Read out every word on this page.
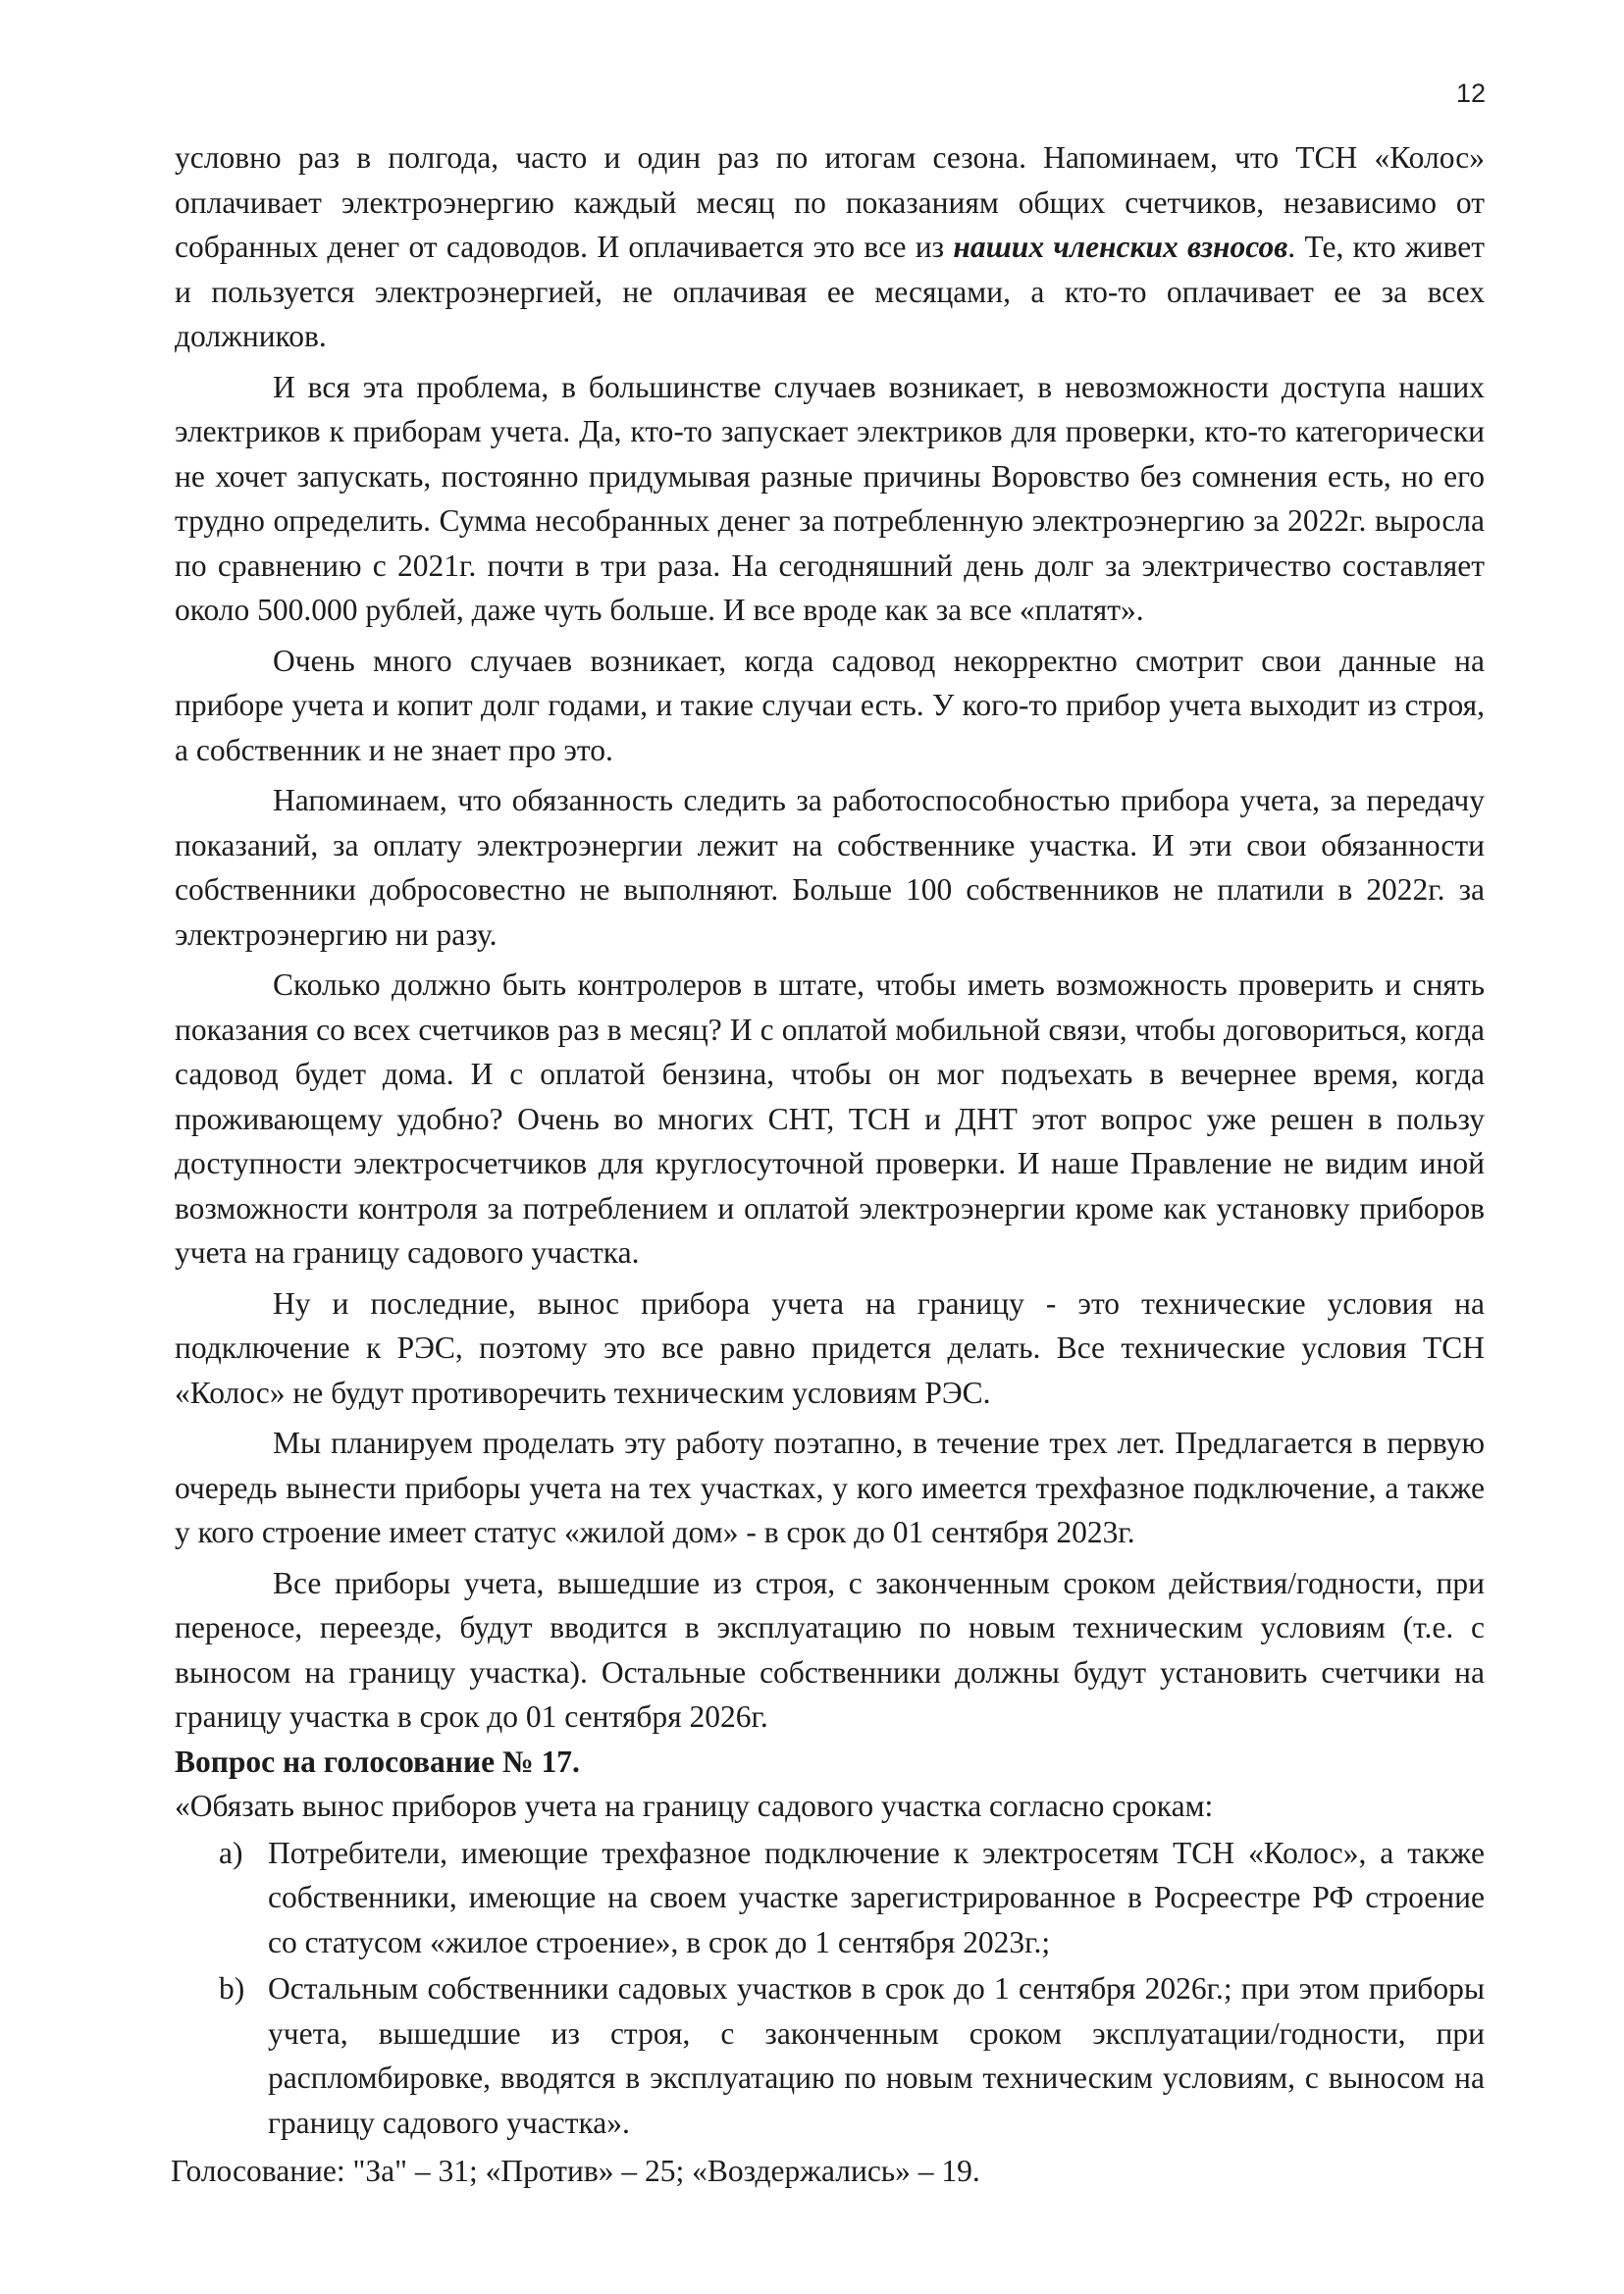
12

условно раз в полгода, часто и один раз по итогам сезона. Напоминаем, что ТСН «Колос» оплачивает электроэнергию каждый месяц по показаниям общих счетчиков, независимо от собранных денег от садоводов. И оплачивается это все из наших членских взносов. Те, кто живет и пользуется электроэнергией, не оплачивая ее месяцами, а кто-то оплачивает ее за всех должников.

И вся эта проблема, в большинстве случаев возникает, в невозможности доступа наших электриков к приборам учета. Да, кто-то запускает электриков для проверки, кто-то категорически не хочет запускать, постоянно придумывая разные причины Воровство без сомнения есть, но его трудно определить. Сумма несобранных денег за потребленную электроэнергию за 2022г. выросла по сравнению с 2021г. почти в три раза. На сегодняшний день долг за электричество составляет около 500.000 рублей, даже чуть больше. И все вроде как за все «платят».

Очень много случаев возникает, когда садовод некорректно смотрит свои данные на приборе учета и копит долг годами, и такие случаи есть. У кого-то прибор учета выходит из строя, а собственник и не знает про это.

Напоминаем, что обязанность следить за работоспособностью прибора учета, за передачу показаний, за оплату электроэнергии лежит на собственнике участка. И эти свои обязанности собственники добросовестно не выполняют. Больше 100 собственников не платили в 2022г. за электроэнергию ни разу.

Сколько должно быть контролеров в штате, чтобы иметь возможность проверить и снять показания со всех счетчиков раз в месяц? И с оплатой мобильной связи, чтобы договориться, когда садовод будет дома. И с оплатой бензина, чтобы он мог подъехать в вечернее время, когда проживающему удобно? Очень во многих СНТ, ТСН и ДНТ этот вопрос уже решен в пользу доступности электросчетчиков для круглосуточной проверки. И наше Правление не видим иной возможности контроля за потреблением и оплатой электроэнергии кроме как установку приборов учета на границу садового участка.

Ну и последние, вынос прибора учета на границу - это технические условия на подключение к РЭС, поэтому это все равно придется делать. Все технические условия ТСН «Колос» не будут противоречить техническим условиям РЭС.

Мы планируем проделать эту работу поэтапно, в течение трех лет. Предлагается в первую очередь вынести приборы учета на тех участках, у кого имеется трехфазное подключение, а также у кого строение имеет статус «жилой дом» - в срок до 01 сентября 2023г.

Все приборы учета, вышедшие из строя, с законченным сроком действия/годности, при переносе, переезде, будут вводится в эксплуатацию по новым техническим условиям (т.е. с выносом на границу участка). Остальные собственники должны будут установить счетчики на границу участка в срок до 01 сентября 2026г.

Вопрос на голосование № 17.

«Обязать вынос приборов учета на границу садового участка согласно срокам:

a) Потребители, имеющие трехфазное подключение к электросетям ТСН «Колос», а также собственники, имеющие на своем участке зарегистрированное в Росреестре РФ строение со статусом «жилое строение», в срок до 1 сентября 2023г.;
b) Остальным собственники садовых участков в срок до 1 сентября 2026г.; при этом приборы учета, вышедшие из строя, с законченным сроком эксплуатации/годности, при распломбировке, вводятся в эксплуатацию по новым техническим условиям, с выносом на границу садового участка».

Голосование: "За" – 31; «Против» – 25; «Воздержались» – 19.
